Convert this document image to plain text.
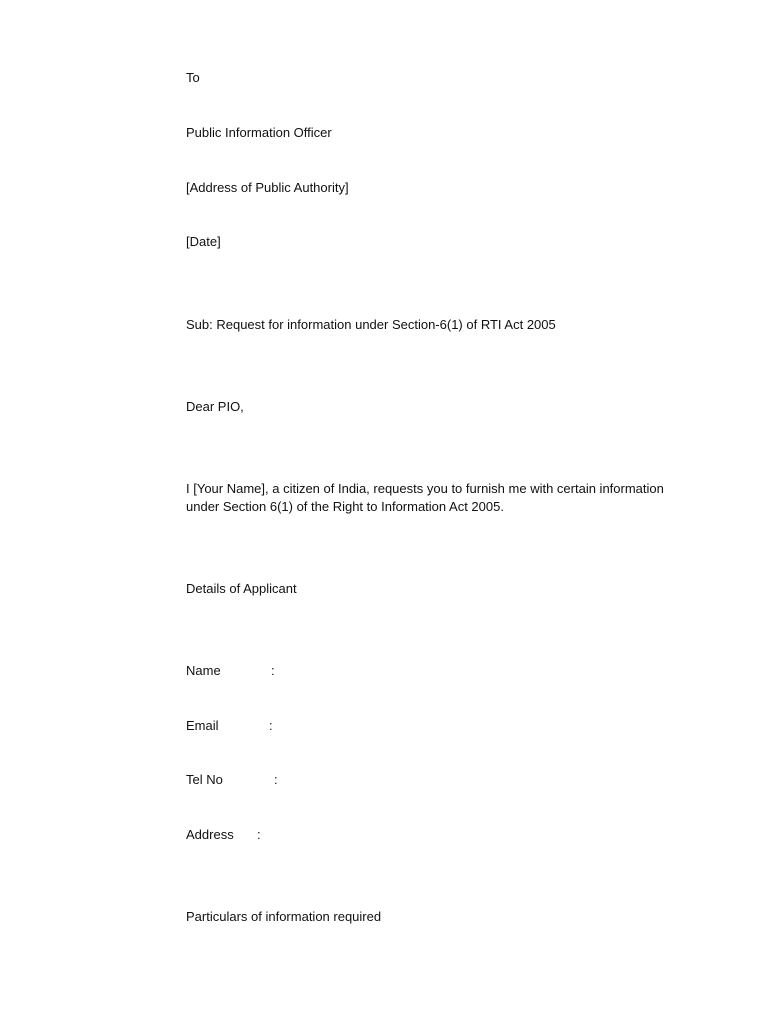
To
Public Information Officer
[Address of Public Authority]
[Date]
Sub: Request for information under Section-6(1) of RTI Act 2005
Dear PIO,
I [Your Name], a citizen of India, requests you to furnish me with certain information
under Section 6(1) of the Right to Information Act 2005.
Details of Applicant
Name	:
Email	:
Tel No	:
Address :
Particulars of information required
